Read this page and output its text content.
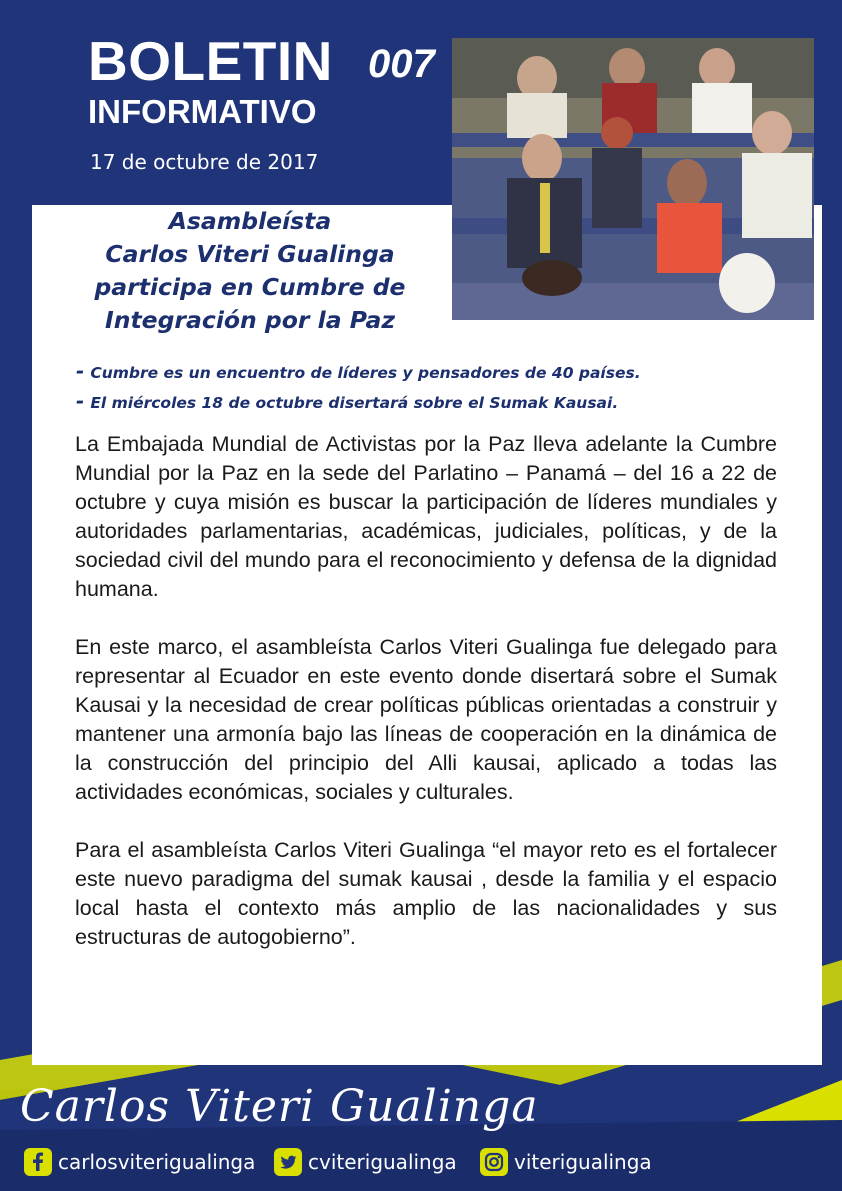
BOLETIN 007
INFORMATIVO
17 de octubre de 2017
Asambleísta
Carlos Viteri Gualinga
participa en Cumbre de
Integración por la Paz
- Cumbre es un encuentro de líderes y pensadores de 40 países.
- El miércoles 18 de octubre disertará sobre el Sumak Kausai.

La Embajada Mundial de Activistas por la Paz lleva adelante la Cumbre Mundial por la Paz en la sede del Parlatino – Panamá – del 16 a 22 de octubre y cuya misión es buscar la participación de líderes mundiales y autoridades parlamentarias, académicas, judiciales, políticas, y de la sociedad civil del mundo para el reconocimiento y defensa de la dignidad humana.

En este marco, el asambleísta Carlos Viteri Gualinga fue delegado para representar al Ecuador en este evento donde disertará sobre el Sumak Kausai y la necesidad de crear políticas públicas orientadas a construir y mantener una armonía bajo las líneas de cooperación en la dinámica de la construcción del principio del Alli kausai, aplicado a todas las actividades económicas, sociales y culturales.

Para el asambleísta Carlos Viteri Gualinga “el mayor reto es el fortalecer este nuevo paradigma del sumak kausai , desde la familia y el espacio local hasta el contexto más amplio de las nacionalidades y sus estructuras de autogobierno”.

Carlos Viteri Gualinga
carlosviterigualinga	cviterigualinga	viterigualinga
